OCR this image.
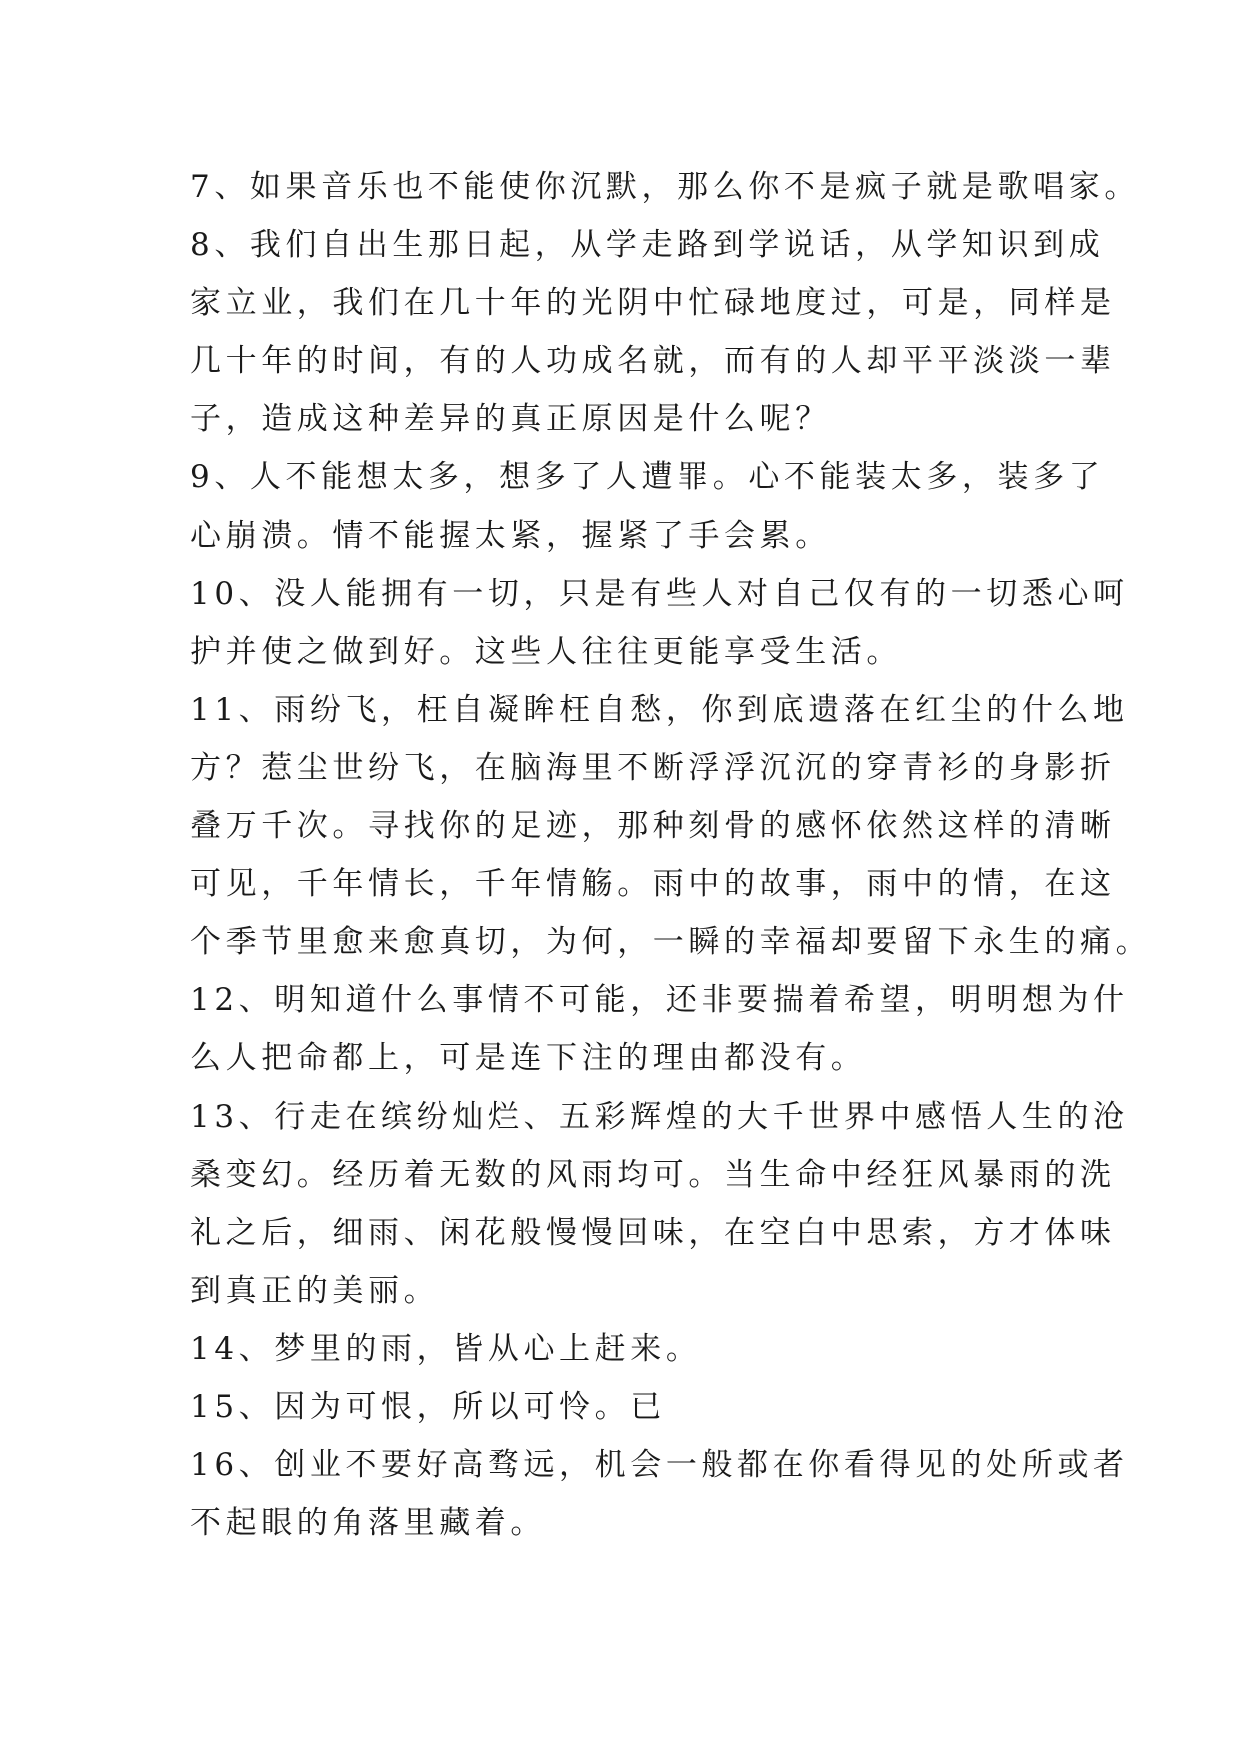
7、如果音乐也不能使你沉默，那么你不是疯子就是歌唱家。
8、我们自出生那日起，从学走路到学说话，从学知识到成
家立业，我们在几十年的光阴中忙碌地度过，可是，同样是
几十年的时间，有的人功成名就，而有的人却平平淡淡一辈
子，造成这种差异的真正原因是什么呢？
9、人不能想太多，想多了人遭罪。心不能装太多，装多了
心崩溃。情不能握太紧，握紧了手会累。
10、没人能拥有一切，只是有些人对自己仅有的一切悉心呵
护并使之做到好。这些人往往更能享受生活。
11、雨纷飞，枉自凝眸枉自愁，你到底遗落在红尘的什么地
方？惹尘世纷飞，在脑海里不断浮浮沉沉的穿青衫的身影折
叠万千次。寻找你的足迹，那种刻骨的感怀依然这样的清晰
可见，千年情长，千年情觞。雨中的故事，雨中的情，在这
个季节里愈来愈真切，为何，一瞬的幸福却要留下永生的痛。
12、明知道什么事情不可能，还非要揣着希望，明明想为什
么人把命都上，可是连下注的理由都没有。
13、行走在缤纷灿烂、五彩辉煌的大千世界中感悟人生的沧
桑变幻。经历着无数的风雨均可。当生命中经狂风暴雨的洗
礼之后，细雨、闲花般慢慢回味，在空白中思索，方才体味
到真正的美丽。
14、梦里的雨，皆从心上赶来。
15、因为可恨，所以可怜。已
16、创业不要好高骛远，机会一般都在你看得见的处所或者
不起眼的角落里藏着。
